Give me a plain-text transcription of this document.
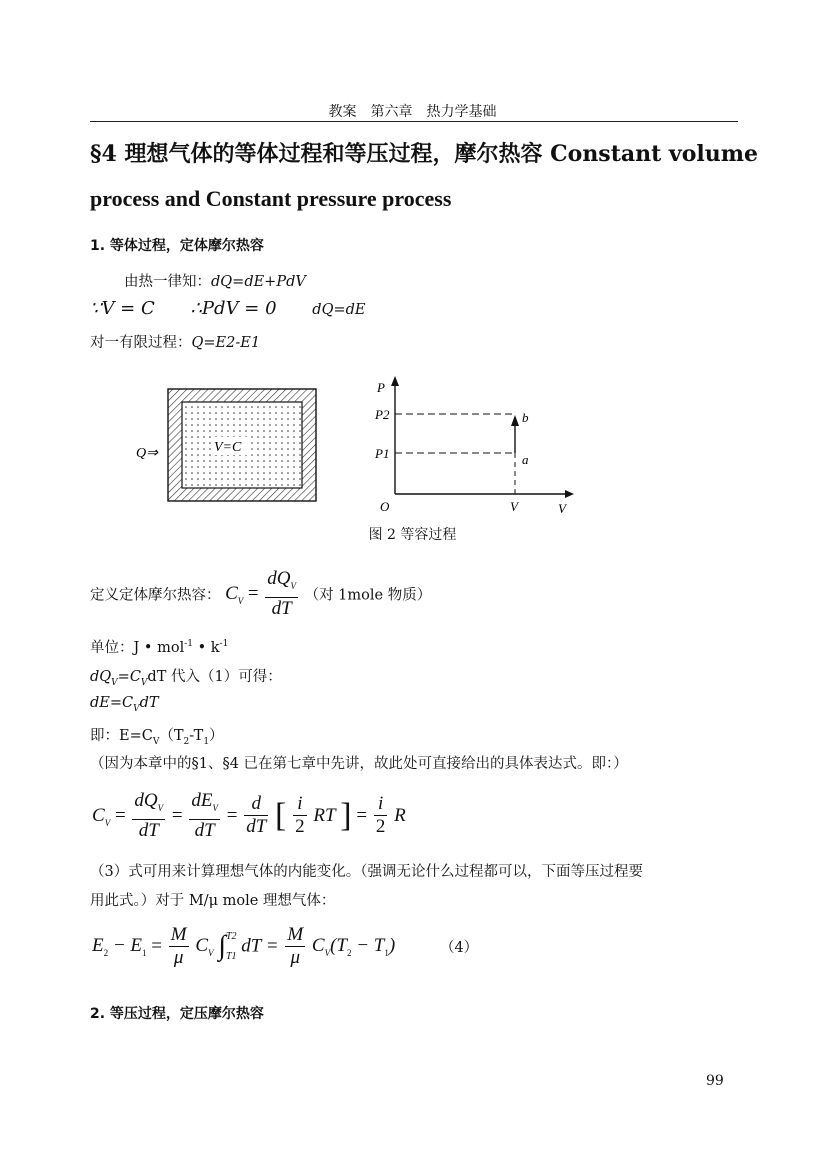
教案　第六章　热力学基础
§4 理想气体的等体过程和等压过程，摩尔热容 Constant volume
process and Constant pressure process
1. 等体过程，定体摩尔热容
由热一律知：dQ=dE+PdV
∵V = C ∴PdV = 0 dQ=dE
对一有限过程：Q=E2-E1
V=C
Q⇒
P
P2
P1
b
a
O	V	V
图 2 等容过程
定义定体摩尔热容： $C_V = \frac{dQ_V}{dT}$ （对 1mole 物质）
单位：J • mol$^{-1}$ • $k^{-1}$
$dQ_V=C_VdT$ 代入（1）可得：
$dE=C_VdT$
即：$E=C_V(T_2-T_1)$
（因为本章中的§1、§4 已在第七章中先讲，故此处可直接给出的具体表达式。即：）
$C_V = \frac{dQ_V}{dT} = \frac{dE_V}{dT} = \frac{d}{dT}$ [ $\frac{i}{2}$ RT ] = $\frac{i}{2}$ R
（3）式可用来计算理想气体的内能变化。（强调无论什么过程都可以，下面等压过程要
用此式。）对于 M/μ mole 理想气体：
$E_2 - E_1 = \frac{M}{\mu} C_V$ ∫ T2
T1 dT = $\frac{M}{\mu} C_V(T_2 - T_1)$	（4）
2. 等压过程，定压摩尔热容
99
